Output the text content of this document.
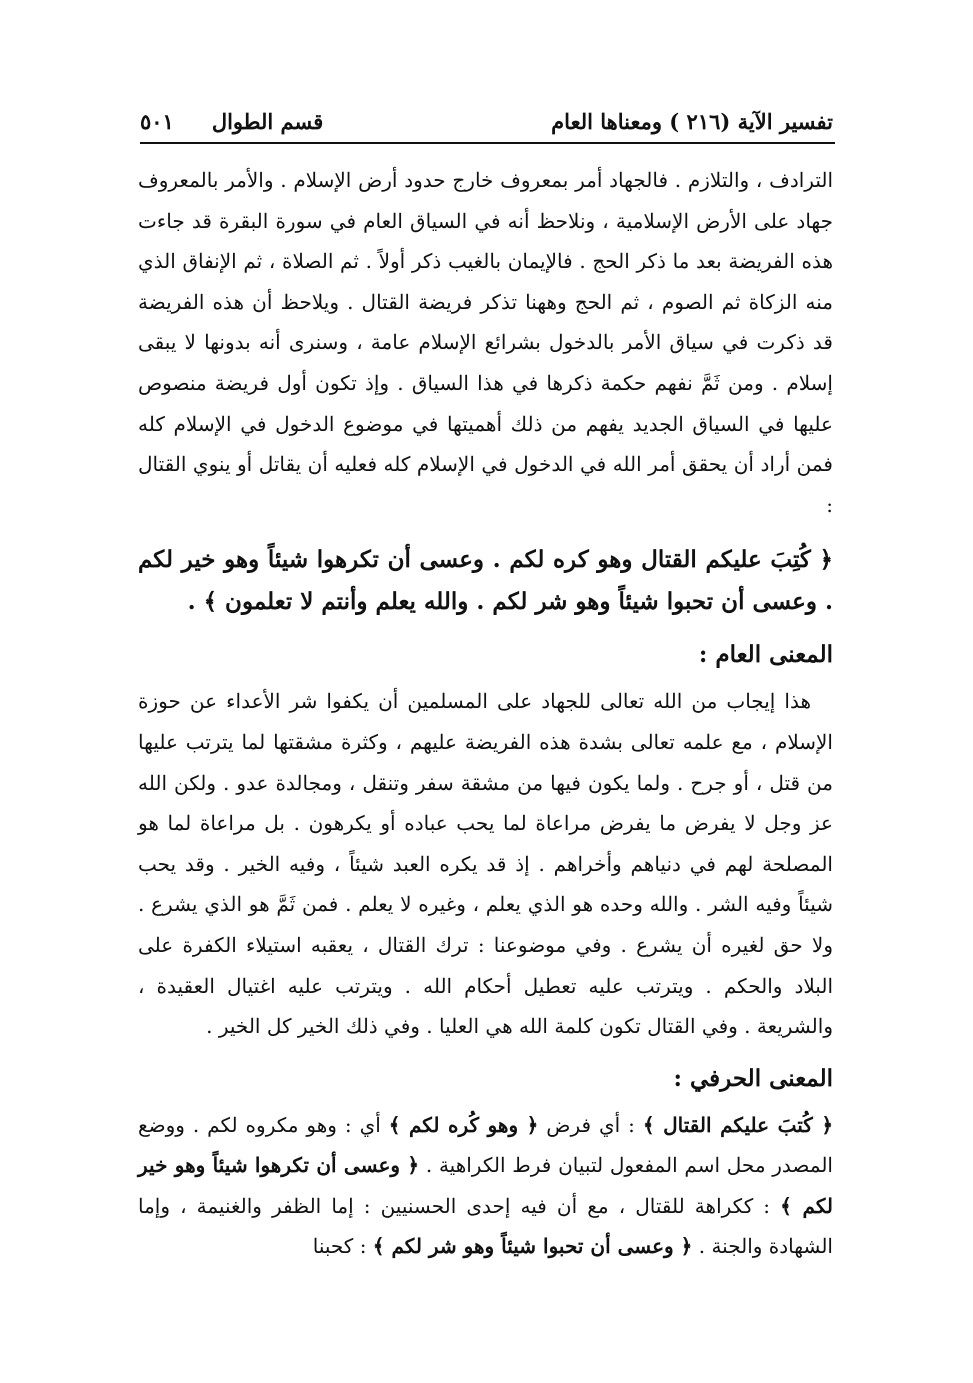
تفسير الآية (٢١٦ ) ومعناها العام
قسم الطوال
٥٠١

الترادف ، والتلازم . فالجهاد أمر بمعروف خارج حدود أرض الإسلام . والأمر بالمعروف جهاد على الأرض الإسلامية ، ونلاحظ أنه في السياق العام في سورة البقرة قد جاءت هذه الفريضة بعد ما ذكر الحج . فالإيمان بالغيب ذكر أولاً . ثم الصلاة ، ثم الإنفاق الذي منه الزكاة ثم الصوم ، ثم الحج وههنا تذكر فريضة القتال . ويلاحظ أن هذه الفريضة قد ذكرت في سياق الأمر بالدخول بشرائع الإسلام عامة ، وسنرى أنه بدونها لا يبقى إسلام . ومن ثَمَّ نفهم حكمة ذكرها في هذا السياق . وإذ تكون أول فريضة منصوص عليها في السياق الجديد يفهم من ذلك أهميتها في موضوع الدخول في الإسلام كله فمن أراد أن يحقق أمر الله في الدخول في الإسلام كله فعليه أن يقاتل أو ينوي القتال :

﴿ كُتِبَ عليكم القتال وهو كره لكم . وعسى أن تكرهوا شيئاً وهو خير لكم . وعسى أن تحبوا شيئاً وهو شر لكم . والله يعلم وأنتم لا تعلمون ﴾ .

المعنى العام :

هذا إيجاب من الله تعالى للجهاد على المسلمين أن يكفوا شر الأعداء عن حوزة الإسلام ، مع علمه تعالى بشدة هذه الفريضة عليهم ، وكثرة مشقتها لما يترتب عليها من قتل ، أو جرح . ولما يكون فيها من مشقة سفر وتنقل ، ومجالدة عدو . ولكن الله عز وجل لا يفرض ما يفرض مراعاة لما يحب عباده أو يكرهون . بل مراعاة لما هو المصلحة لهم في دنياهم وأخراهم . إذ قد يكره العبد شيئاً ، وفيه الخير . وقد يحب شيئاً وفيه الشر . والله وحده هو الذي يعلم ، وغيره لا يعلم . فمن ثَمَّ هو الذي يشرع . ولا حق لغيره أن يشرع . وفي موضوعنا : ترك القتال ، يعقبه استيلاء الكفرة على البلاد والحكم . ويترتب عليه تعطيل أحكام الله . ويترتب عليه اغتيال العقيدة ، والشريعة . وفي القتال تكون كلمة الله هي العليا . وفي ذلك الخير كل الخير .

المعنى الحرفي :

﴿ كُتبَ عليكم القتال ﴾ : أي فرض ﴿ وهو كُره لكم ﴾ أي : وهو مكروه لكم . ووضع المصدر محل اسم المفعول لتبيان فرط الكراهية . ﴿ وعسى أن تكرهوا شيئاً وهو خير لكم ﴾ : ككراهة للقتال ، مع أن فيه إحدى الحسنيين : إما الظفر والغنيمة ، وإما الشهادة والجنة . ﴿ وعسى أن تحبوا شيئاً وهو شر لكم ﴾ : كحبنا
